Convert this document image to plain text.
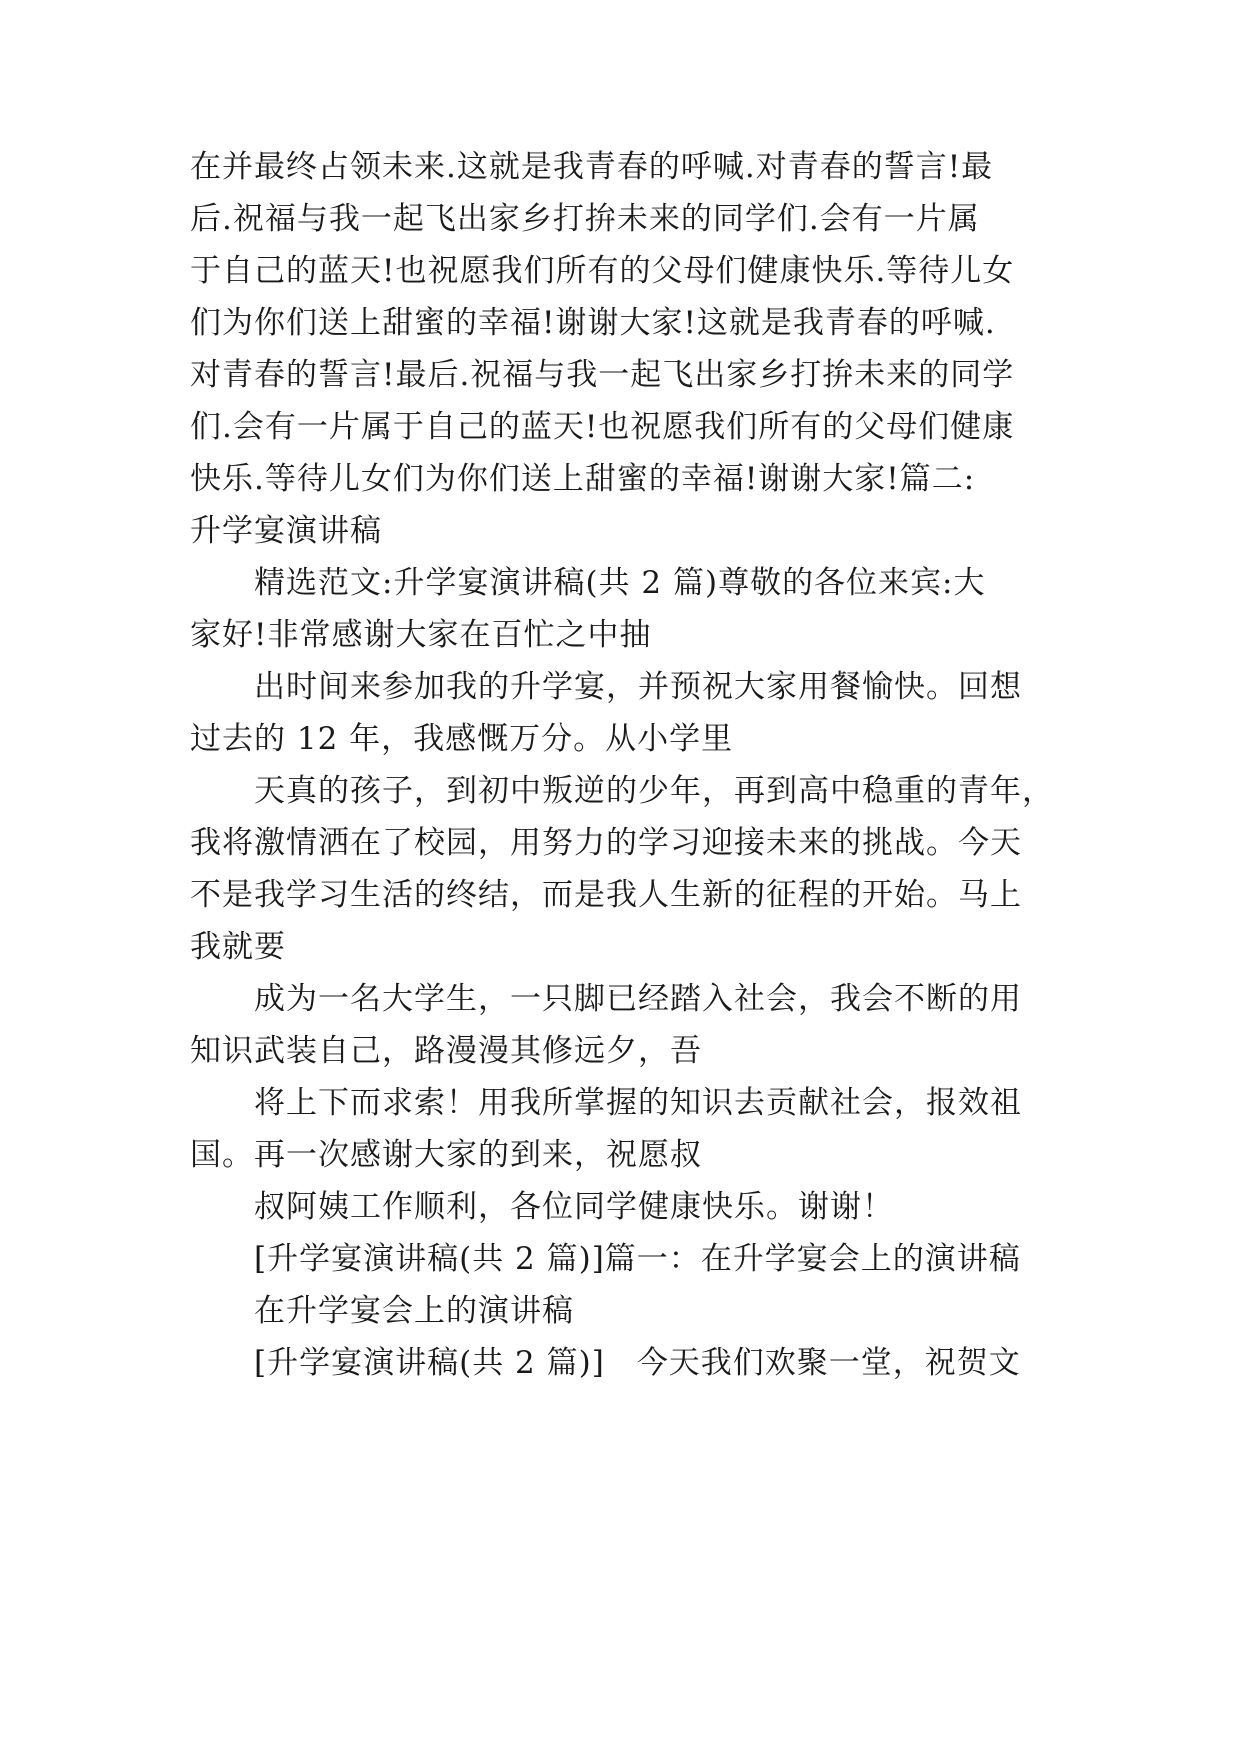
在并最终占领未来.这就是我青春的呼喊.对青春的誓言!最
后.祝福与我一起飞出家乡打拚未来的同学们.会有一片属
于自己的蓝天!也祝愿我们所有的父母们健康快乐.等待儿女
们为你们送上甜蜜的幸福!谢谢大家!这就是我青春的呼喊.
对青春的誓言!最后.祝福与我一起飞出家乡打拚未来的同学
们.会有一片属于自己的蓝天!也祝愿我们所有的父母们健康
快乐.等待儿女们为你们送上甜蜜的幸福!谢谢大家!篇二:
升学宴演讲稿
精选范文:升学宴演讲稿(共 2 篇)尊敬的各位来宾:大
家好!非常感谢大家在百忙之中抽
出时间来参加我的升学宴，并预祝大家用餐愉快。回想
过去的 12 年，我感慨万分。从小学里
天真的孩子，到初中叛逆的少年，再到高中稳重的青年，
我将激情洒在了校园，用努力的学习迎接未来的挑战。今天
不是我学习生活的终结，而是我人生新的征程的开始。马上
我就要
成为一名大学生，一只脚已经踏入社会，我会不断的用
知识武装自己，路漫漫其修远夕，吾
将上下而求索！用我所掌握的知识去贡献社会，报效祖
国。再一次感谢大家的到来，祝愿叔
叔阿姨工作顺利，各位同学健康快乐。谢谢！
[升学宴演讲稿(共 2 篇)]篇一：在升学宴会上的演讲稿
在升学宴会上的演讲稿
[升学宴演讲稿(共 2 篇)]　今天我们欢聚一堂，祝贺文
